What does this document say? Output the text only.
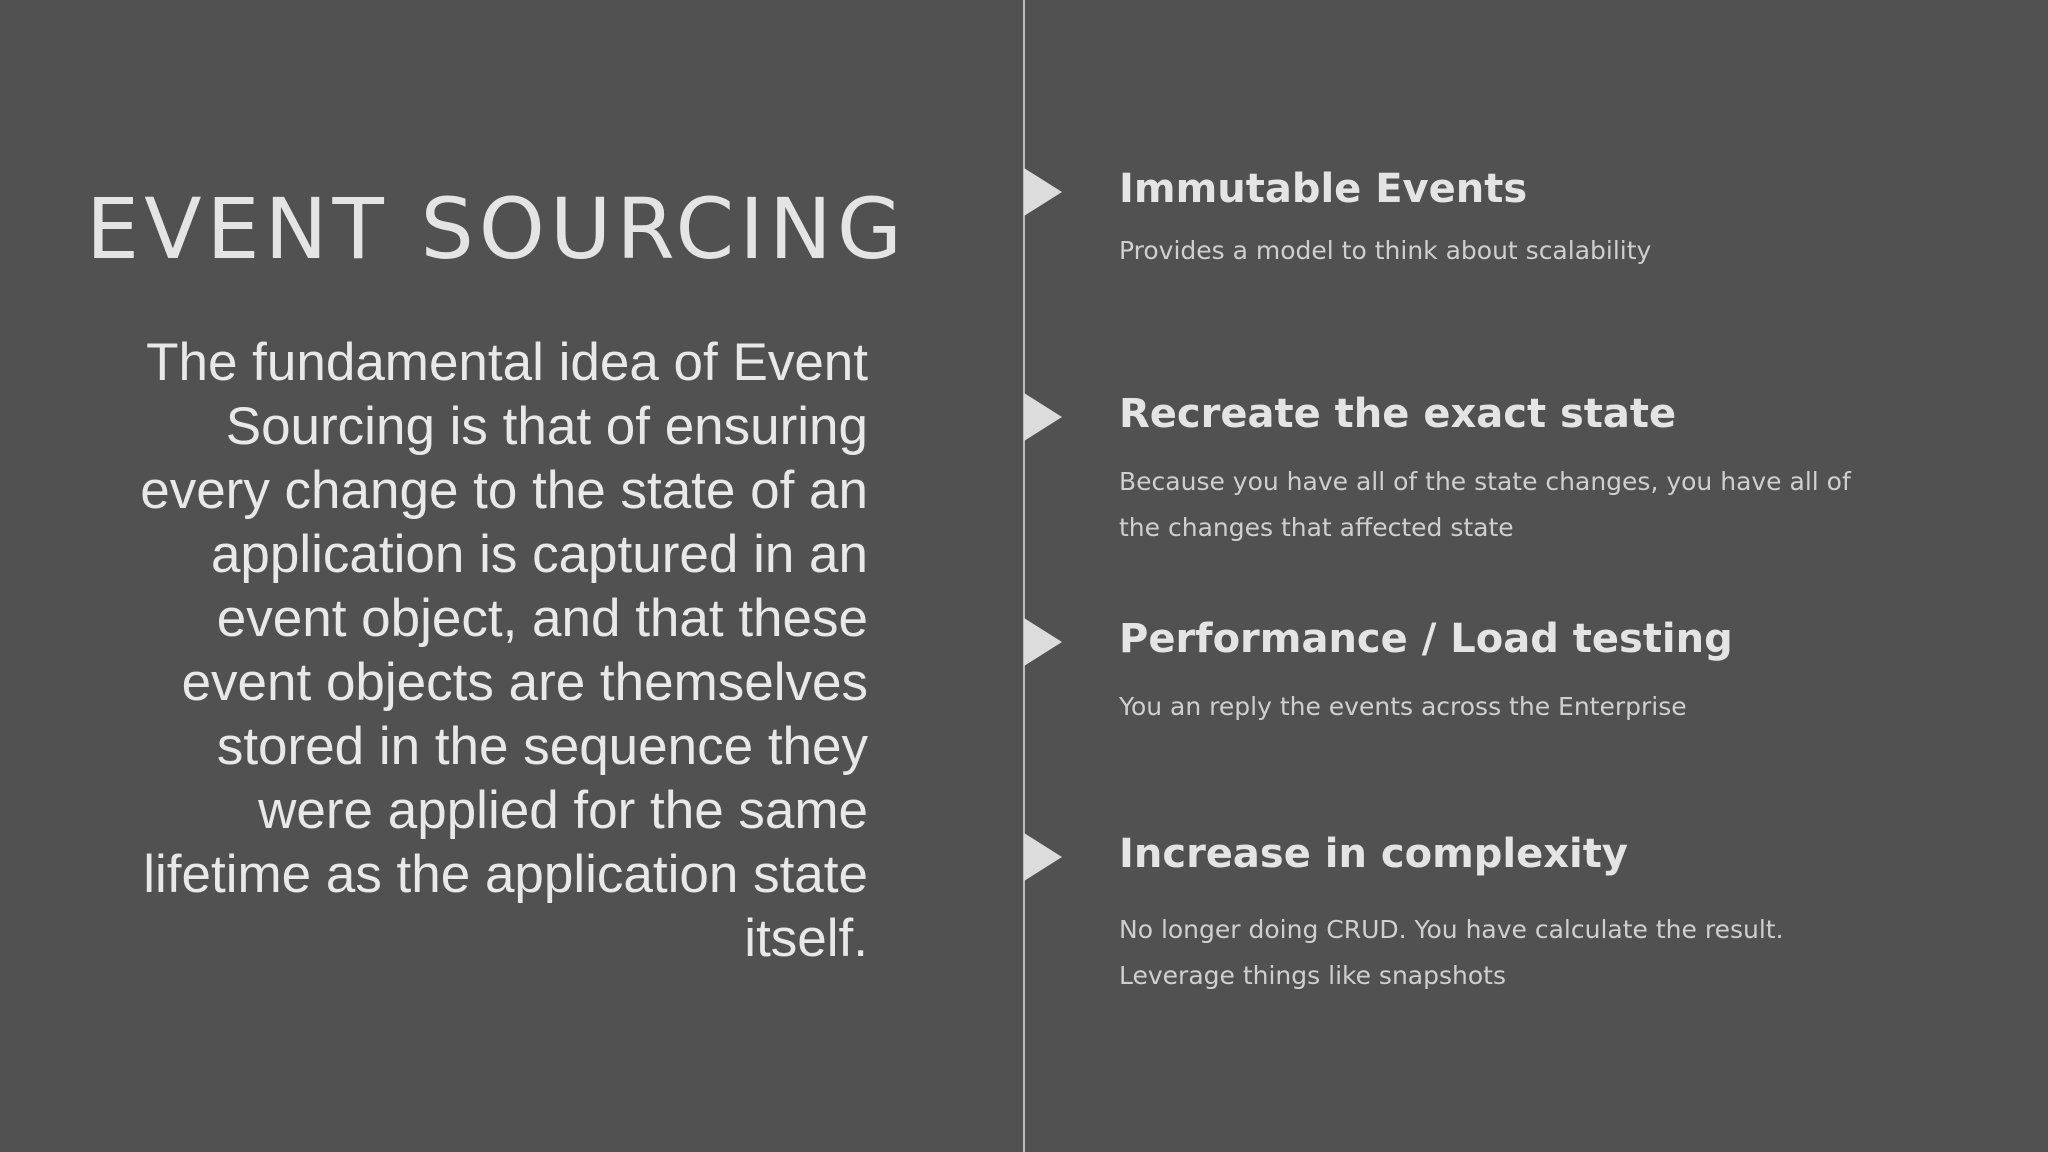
EVENT SOURCING
The fundamental idea of Event Sourcing is that of ensuring every change to the state of an application is captured in an event object, and that these event objects are themselves stored in the sequence they were applied for the same lifetime as the application state itself.
Immutable Events
Provides a model to think about scalability
Recreate the exact state
Because you have all of the state changes, you have all of the changes that affected state
Performance / Load testing
You an reply the events across the Enterprise
Increase in complexity
No longer doing CRUD. You have calculate the result. Leverage things like snapshots
